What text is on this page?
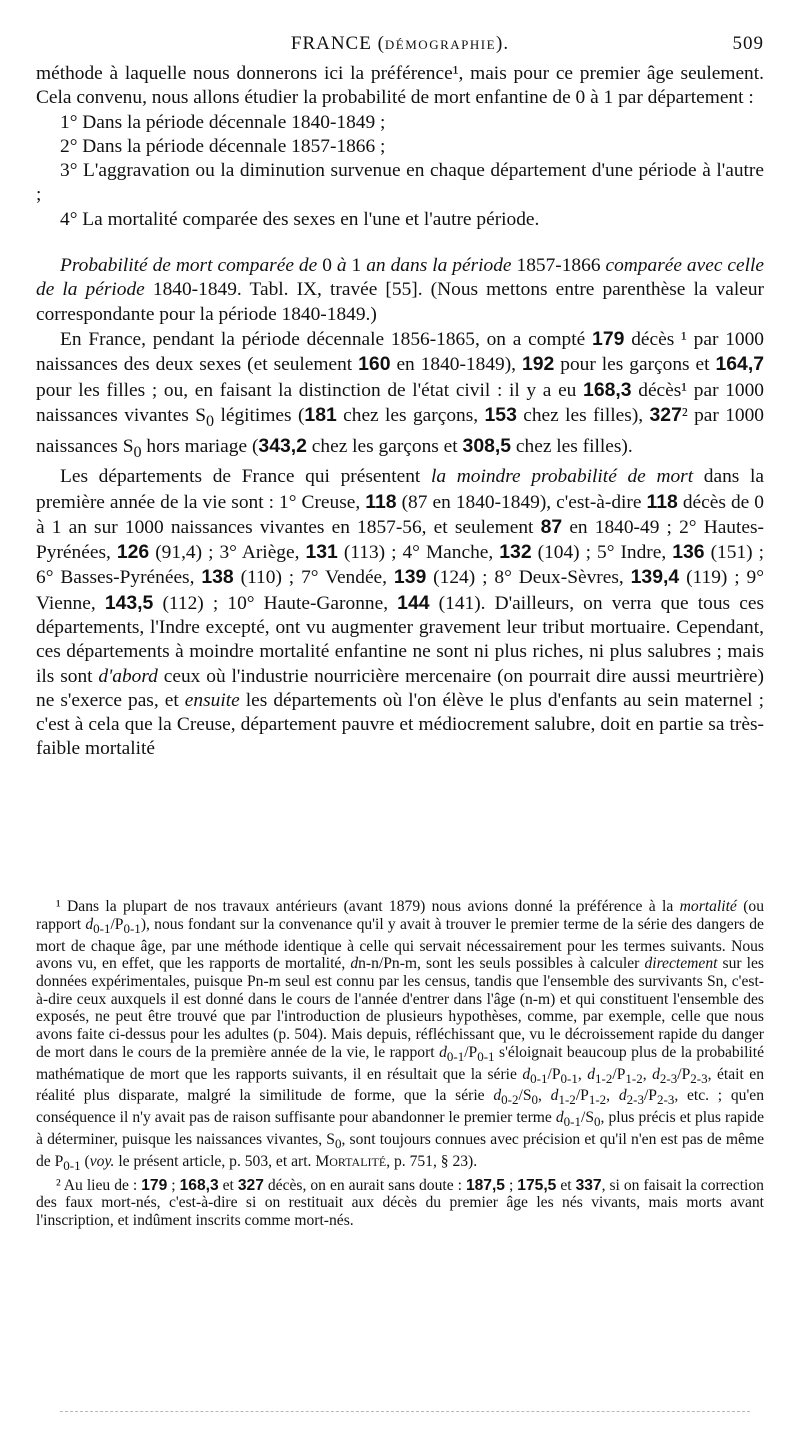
FRANCE (DÉMOGRAPHIE).	509

méthode à laquelle nous donnerons ici la préférence¹, mais pour ce premier âge seulement. Cela convenu, nous allons étudier la probabilité de mort enfantine de 0 à 1 par département :

1° Dans la période décennale 1840-1849 ;

2° Dans la période décennale 1857-1866 ;

3° L'aggravation ou la diminution survenue en chaque département d'une période à l'autre ;

4° La mortalité comparée des sexes en l'une et l'autre période.

Probabilité de mort comparée de 0 à 1 an dans la période 1857-1866 comparée avec celle de la période 1840-1849. Tabl. IX, travée [55]. (Nous mettons entre parenthèse la valeur correspondante pour la période 1840-1849.)

En France, pendant la période décennale 1856-1865, on a compté 179 décès ¹ par 1000 naissances des deux sexes (et seulement 160 en 1840-1849), 192 pour les garçons et 164,7 pour les filles ; ou, en faisant la distinction de l'état civil : il y a eu 168,3 décès¹ par 1000 naissances vivantes $S_0$ légitimes (181 chez les garçons, 153 chez les filles), 327² par 1000 naissances $S_0$ hors mariage (343,2 chez les garçons et 308,5 chez les filles).

Les départements de France qui présentent la moindre probabilité de mort dans la première année de la vie sont : 1° Creuse, 118 (87 en 1840-1849), c'est-à-dire 118 décès de 0 à 1 an sur 1000 naissances vivantes en 1857-56, et seulement 87 en 1840-49 ; 2° Hautes-Pyrénées, 126 (91,4) ; 3° Ariège, 131 (113) ; 4° Manche, 132 (104) ; 5° Indre, 136 (151) ; 6° Basses-Pyrénées, 138 (110) ; 7° Vendée, 139 (124) ; 8° Deux-Sèvres, 139,4 (119) ; 9° Vienne, 143,5 (112) ; 10° Haute-Garonne, 144 (141). D'ailleurs, on verra que tous ces départements, l'Indre excepté, ont vu augmenter gravement leur tribut mortuaire. Cependant, ces départements à moindre mortalité enfantine ne sont ni plus riches, ni plus salubres ; mais ils sont d'abord ceux où l'industrie nourricière mercenaire (on pourrait dire aussi meurtrière) ne s'exerce pas, et ensuite les départements où l'on élève le plus d'enfants au sein maternel ; c'est à cela que la Creuse, département pauvre et médiocrement salubre, doit en partie sa très-faible mortalité

¹ Dans la plupart de nos travaux antérieurs (avant 1879) nous avions donné la préférence à la mortalité (ou rapport $d_{0-1}/P_{0-1}$), nous fondant sur la convenance qu'il y avait à trouver le premier terme de la série des dangers de mort de chaque âge, par une méthode identique à celle qui servait nécessairement pour les termes suivants. Nous avons vu, en effet, que les rapports de mortalité, dn-n/Pn-m, sont les seuls possibles à calculer directement sur les données expérimentales, puisque Pn-m seul est connu par les census, tandis que l'ensemble des survivants Sn, c'est-à-dire ceux auxquels il est donné dans le cours de l'année d'entrer dans l'âge (n-m) et qui constituent l'ensemble des exposés, ne peut être trouvé que par l'introduction de plusieurs hypothèses, comme, par exemple, celle que nous avons faite ci-dessus pour les adultes (p. 504). Mais depuis, réfléchissant que, vu le décroissement rapide du danger de mort dans le cours de la première année de la vie, le rapport $d_{0-1}/P_{0-1}$ s'éloignait beaucoup plus de la probabilité mathématique de mort que les rapports suivants, il en résultait que la série $d_{0-1}/P_{0-1}$, $d_{1-2}/P_{1-2}$, $d_{2-3}/P_{2-3}$, était en réalité plus disparate, malgré la similitude de forme, que la série $d_{0-2}/S_0$, $d_{1-2}/P_{1-2}$, $d_{2-3}/P_{2-3}$, etc. ; qu'en conséquence il n'y avait pas de raison suffisante pour abandonner le premier terme $d_{0-1}/S_0$, plus précis et plus rapide à déterminer, puisque les naissances vivantes, $S_0$, sont toujours connues avec précision et qu'il n'en est pas de même de $P_{0-1}$ (voy. le présent article, p. 503, et art. MORTALITÉ, p. 751, § 23).

² Au lieu de : 179 ; 168,3 et 327 décès, on en aurait sans doute : 187,5 ; 175,5 et 337, si on faisait la correction des faux mort-nés, c'est-à-dire si on restituait aux décès du premier âge les nés vivants, mais morts avant l'inscription, et indûment inscrits comme mort-nés.
